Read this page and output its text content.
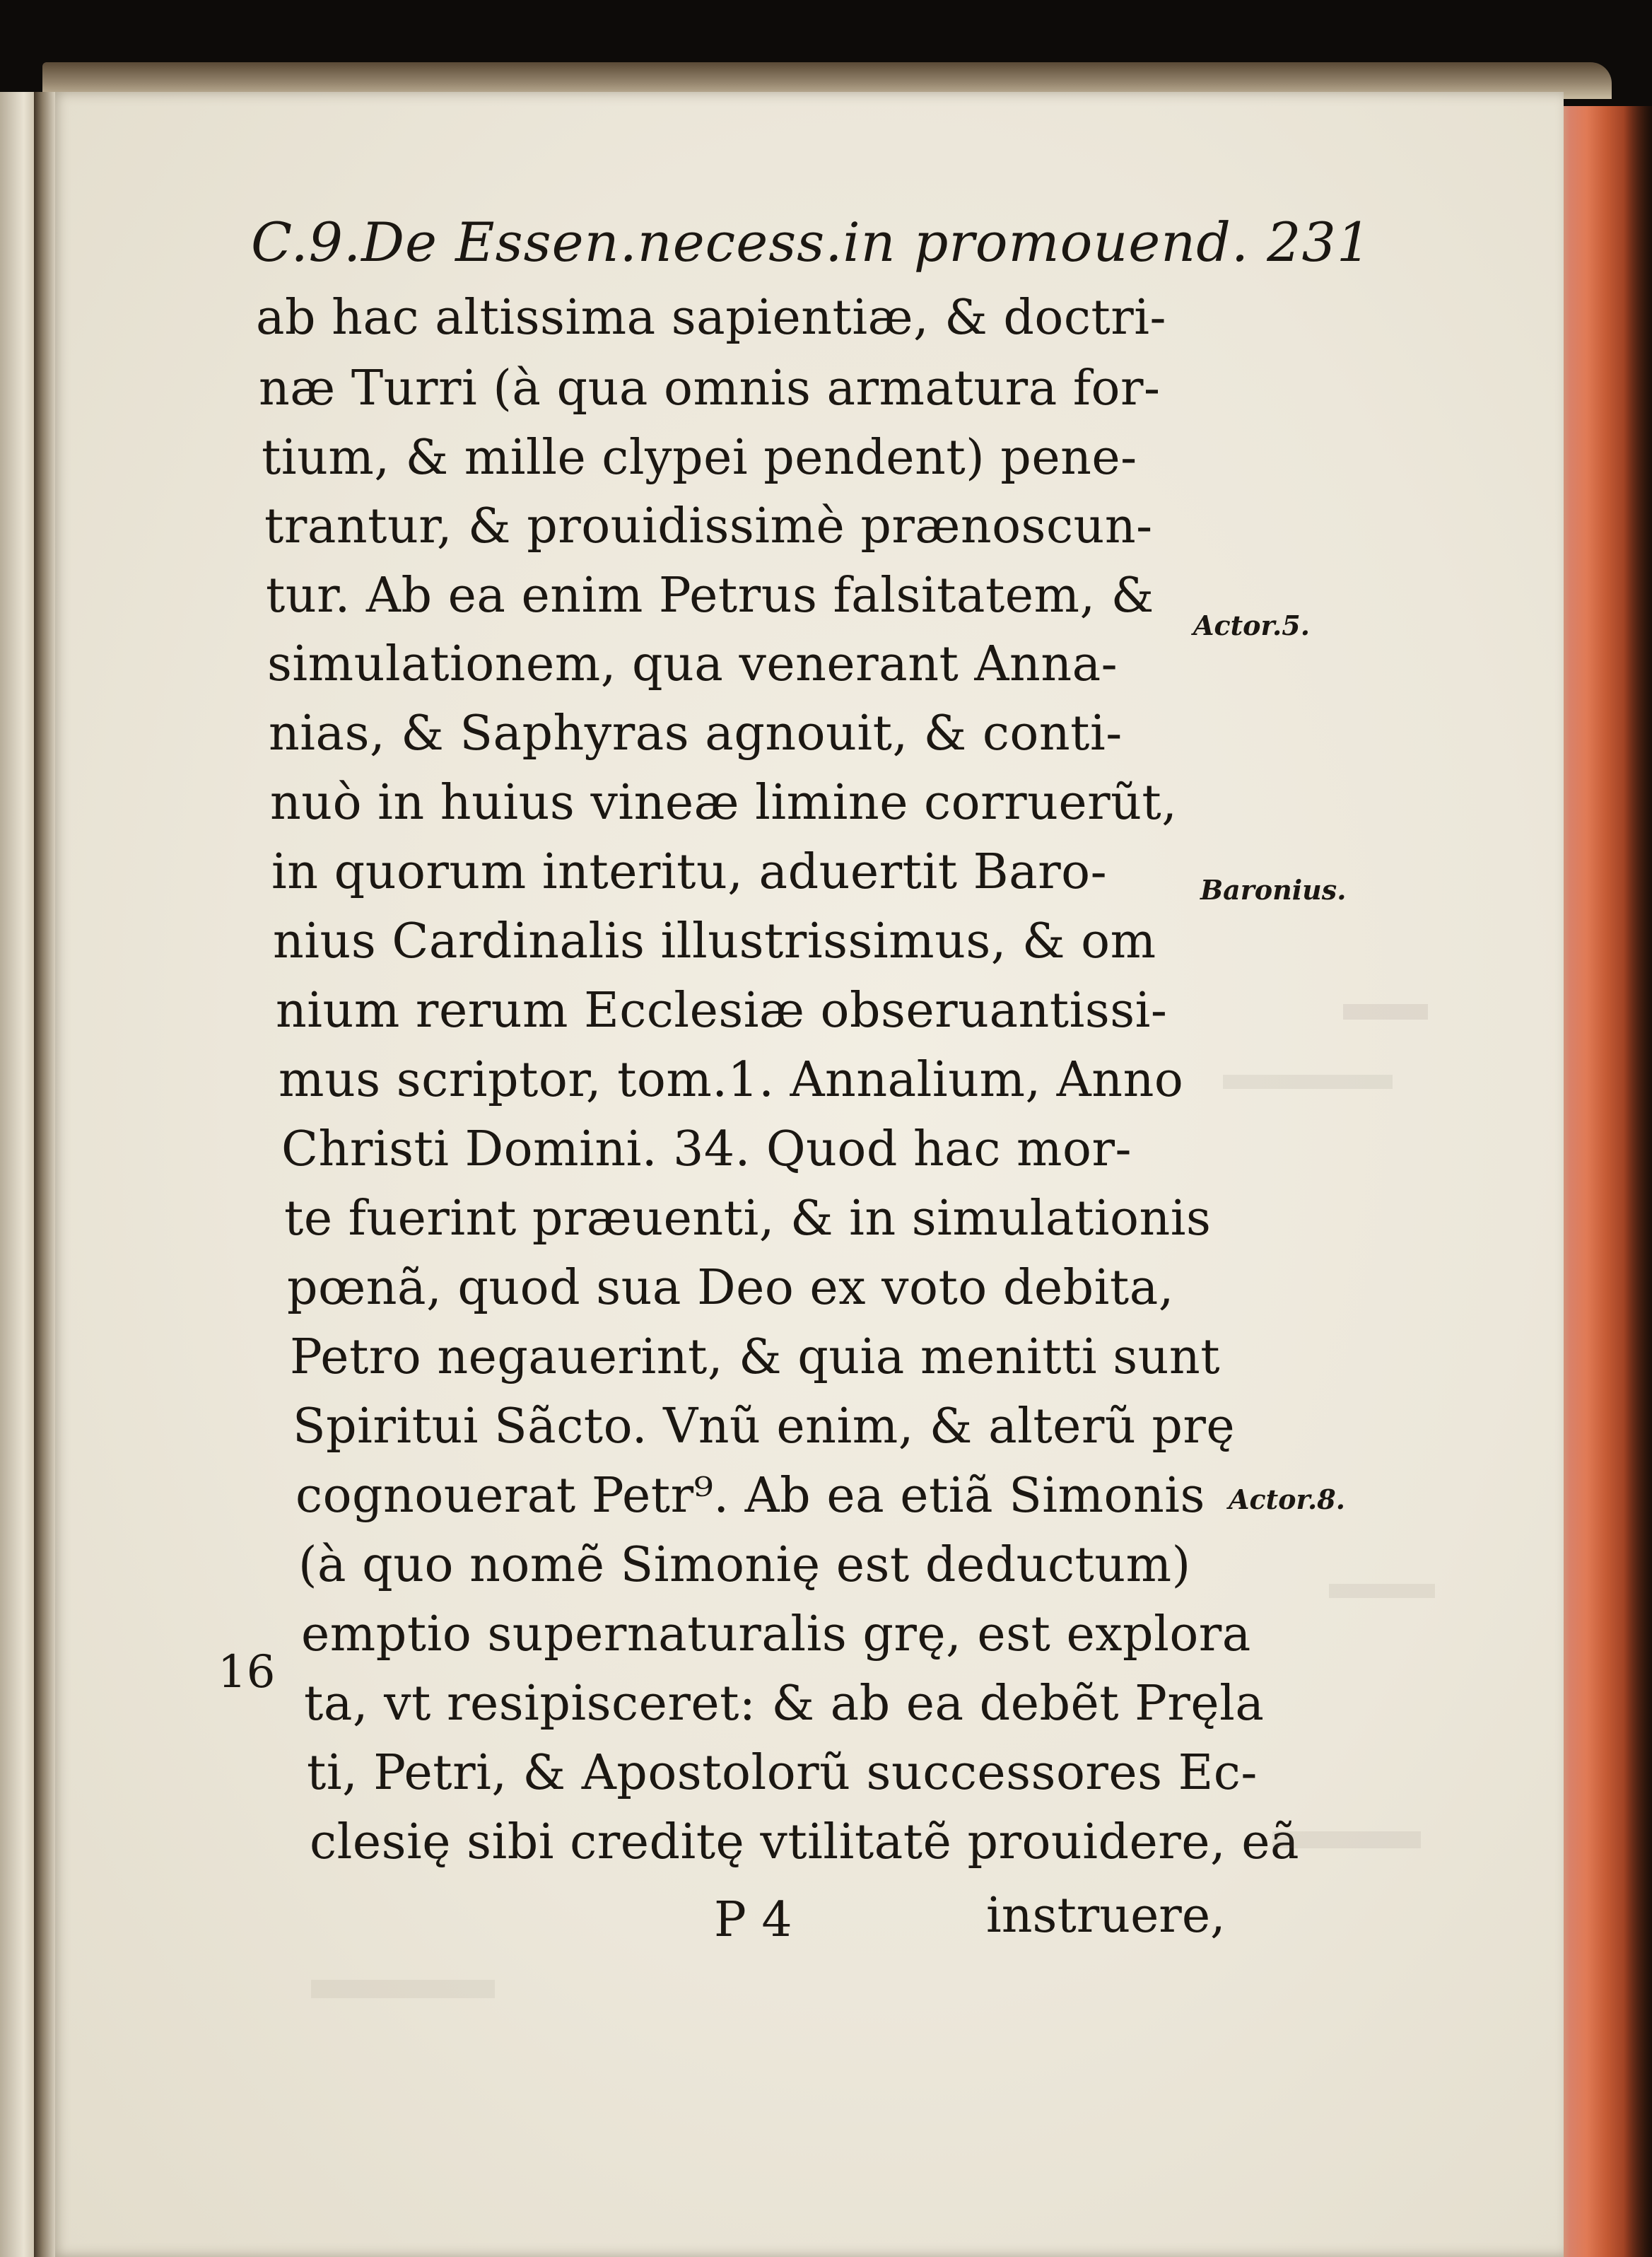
C.9.De Essen.necess.in promouend. 231
ab hac altissima sapientiæ, & doctri-
næ Turri (à qua omnis armatura for-
tium, & mille clypei pendent) pene-
trantur, & prouidissimè prænoscun-
tur. Ab ea enim Petrus falsitatem, &
simulationem, qua venerant Anna-
nias, & Saphyras agnouit, & conti-
nuò in huius vineæ limine corruerũt,
in quorum interitu, aduertit Baro-
nius Cardinalis illustrissimus, & om
nium rerum Ecclesiæ obseruantissi-
mus scriptor, tom.1. Annalium, Anno
Christi Domini. 34. Quod hac mor-
te fuerint præuenti, & in simulationis
pœnã, quod sua Deo ex voto debita,
Petro negauerint, & quia menitti sunt
Spiritui Sãcto. Vnũ enim, & alterũ prę
cognouerat Petr⁹. Ab ea etiã Simonis
(à quo nomẽ Simonię est deductum)
emptio supernaturalis grę, est explora
ta, vt resipisceret: & ab ea debẽt Pręla
ti, Petri, & Apostolorũ successores Ec-
clesię sibi creditę vtilitatẽ prouidere, eã
P 4	instruere,
Actor.5.
Baronius.
Actor.8.
16
